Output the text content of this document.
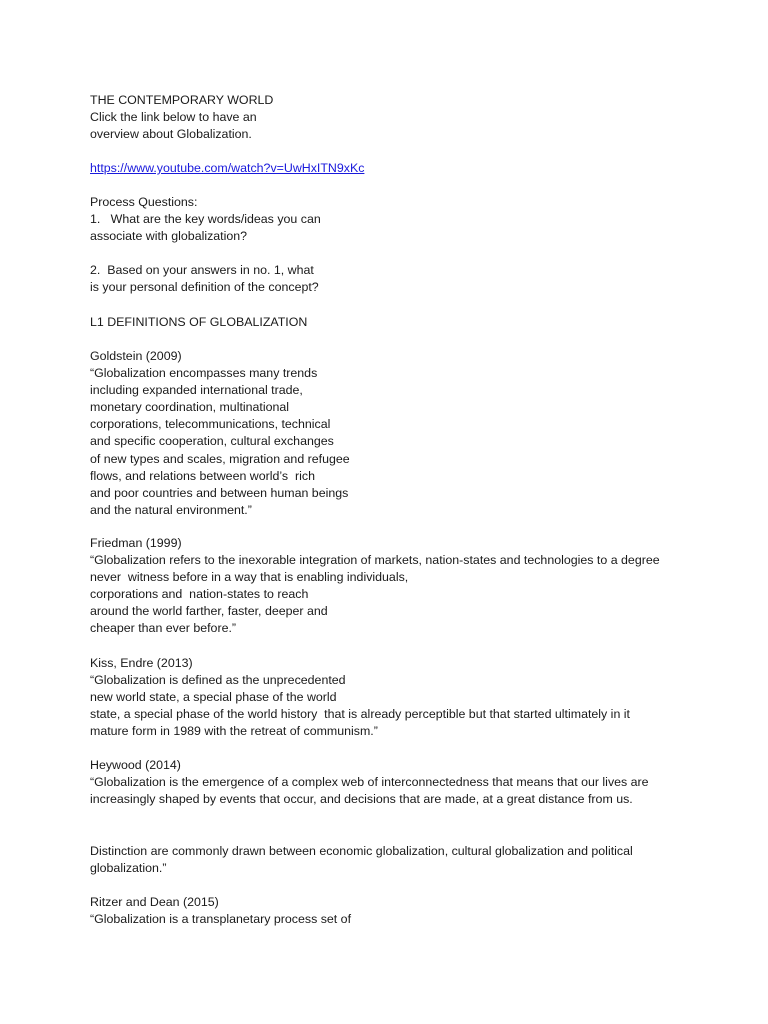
THE CONTEMPORARY WORLD
Click the link below to have an
overview about Globalization.
https://www.youtube.com/watch?v=UwHxITN9xKc
Process Questions:
1.   What are the key words/ideas you can
associate with globalization?
2.  Based on your answers in no. 1, what
is your personal definition of the concept?
L1 DEFINITIONS OF GLOBALIZATION
Goldstein (2009)
“Globalization encompasses many trends
including expanded international trade,
monetary coordination, multinational
corporations, telecommunications, technical
and specific cooperation, cultural exchanges
of new types and scales, migration and refugee
flows, and relations between world’s  rich
and poor countries and between human beings
and the natural environment.”
Friedman (1999)
“Globalization refers to the inexorable integration of markets, nation-states and technologies to a degree
never  witness before in a way that is enabling individuals,
corporations and  nation-states to reach
around the world farther, faster, deeper and
cheaper than ever before.”
Kiss, Endre (2013)
“Globalization is defined as the unprecedented
new world state, a special phase of the world
state, a special phase of the world history  that is already perceptible but that started ultimately in it
mature form in 1989 with the retreat of communism.”
Heywood (2014)
“Globalization is the emergence of a complex web of interconnectedness that means that our lives are
increasingly shaped by events that occur, and decisions that are made, at a great distance from us.
Distinction are commonly drawn between economic globalization, cultural globalization and political
globalization.”
Ritzer and Dean (2015)
“Globalization is a transplanetary process set of
